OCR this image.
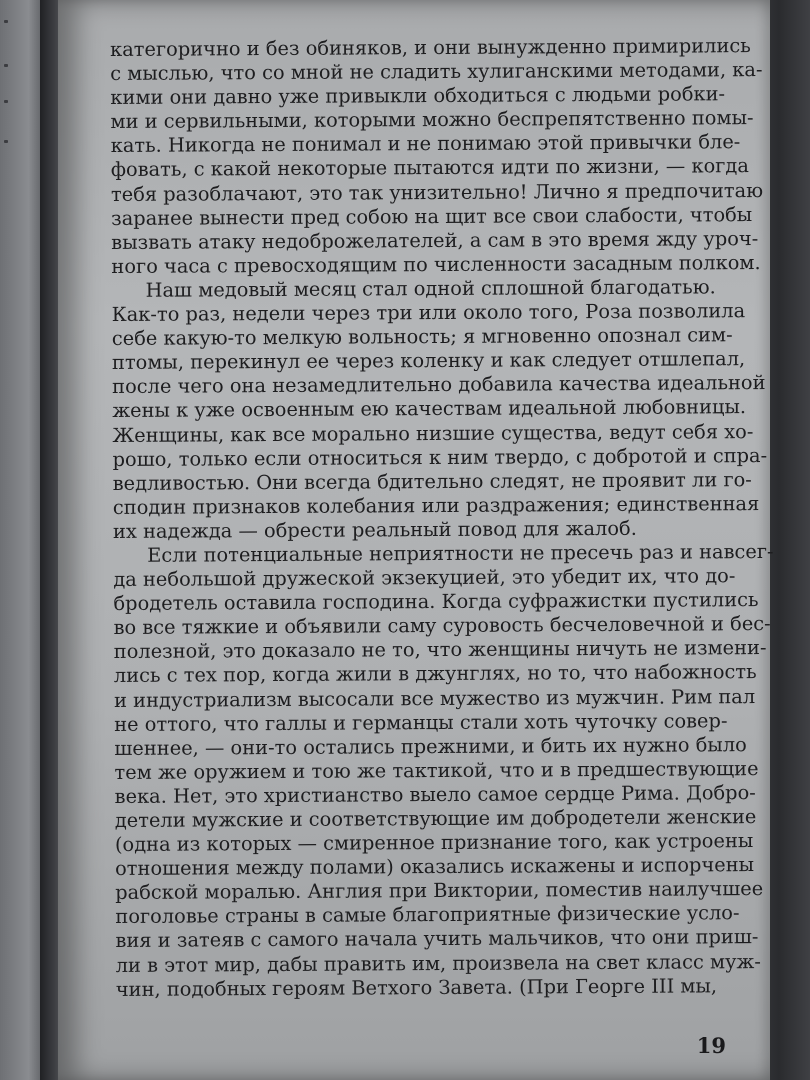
категорично и без обиняков, и они вынужденно примирились
с мыслью, что со мной не сладить хулиганскими методами, ка-
кими они давно уже привыкли обходиться с людьми робки-
ми и сервильными, которыми можно беспрепятственно помы-
кать. Никогда не понимал и не понимаю этой привычки бле-
фовать, с какой некоторые пытаются идти по жизни, — когда
тебя разоблачают, это так унизительно! Лично я предпочитаю
заранее вынести пред собою на щит все свои слабости, чтобы
вызвать атаку недоброжелателей, а сам в это время жду уроч-
ного часа с превосходящим по численности засадным полком.
Наш медовый месяц стал одной сплошной благодатью.
Как-то раз, недели через три или около того, Роза позволила
себе какую-то мелкую вольность; я мгновенно опознал сим-
птомы, перекинул ее через коленку и как следует отшлепал,
после чего она незамедлительно добавила качества идеальной
жены к уже освоенным ею качествам идеальной любовницы.
Женщины, как все морально низшие существа, ведут себя хо-
рошо, только если относиться к ним твердо, с добротой и спра-
ведливостью. Они всегда бдительно следят, не проявит ли го-
сподин признаков колебания или раздражения; единственная
их надежда — обрести реальный повод для жалоб.
Если потенциальные неприятности не пресечь раз и навсег-
да небольшой дружеской экзекуцией, это убедит их, что до-
бродетель оставила господина. Когда суфражистки пустились
во все тяжкие и объявили саму суровость бесчеловечной и бес-
полезной, это доказало не то, что женщины ничуть не измени-
лись с тех пор, когда жили в джунглях, но то, что набожность
и индустриализм высосали все мужество из мужчин. Рим пал
не оттого, что галлы и германцы стали хоть чуточку совер-
шеннее, — они-то остались прежними, и бить их нужно было
тем же оружием и тою же тактикой, что и в предшествующие
века. Нет, это христианство выело самое сердце Рима. Добро-
детели мужские и соответствующие им добродетели женские
(одна из которых — смиренное признание того, как устроены
отношения между полами) оказались искажены и испорчены
рабской моралью. Англия при Виктории, поместив наилучшее
поголовье страны в самые благоприятные физические усло-
вия и затеяв с самого начала учить мальчиков, что они приш-
ли в этот мир, дабы править им, произвела на свет класс муж-
чин, подобных героям Ветхого Завета. (При Георге III мы,
19
